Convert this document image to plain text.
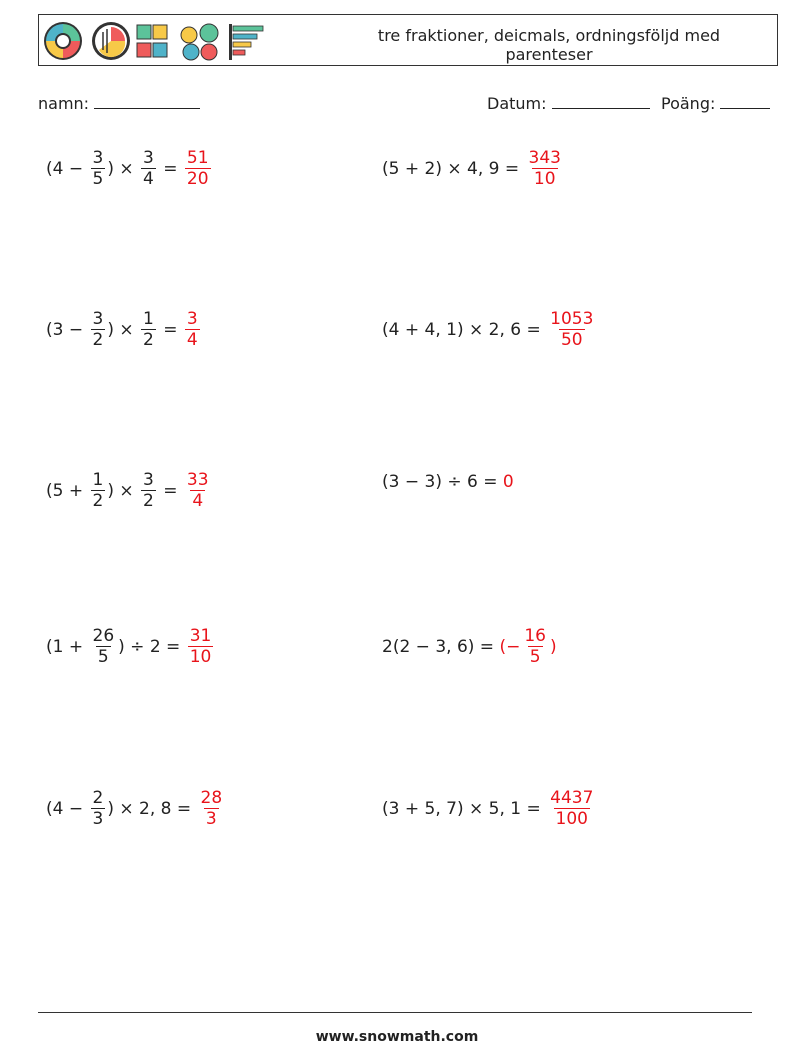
tre fraktioner, deicmals, ordningsföljd med parenteser
namn:	Datum:	Poäng:
($4 - \frac{3}{5}$ ) × $\frac{3}{4} = \frac{51}{20}$	(5 + 2) × 4, $9 = \frac{343}{10}$
($3 - \frac{3}{2}$ ) × $\frac{1}{2} = \frac{3}{4}$	(4 + 4, 1) × 2, $6 = \frac{1053}{50}$
($5 + \frac{1}{2}$ ) × $\frac{3}{2} = \frac{33}{4}$	(3 − 3) ÷ 6 = 0
($1 + \frac{26}{5}$ ) ÷ $2 = \frac{31}{10}$	2(2 − 3, 6) = (− $\frac{16}{5}$ )
($4 - \frac{2}{3}$ ) × 2, $8 = \frac{28}{3}$	(3 + 5, 7) × 5, $1 = \frac{4437}{100}$
www.snowmath.com
